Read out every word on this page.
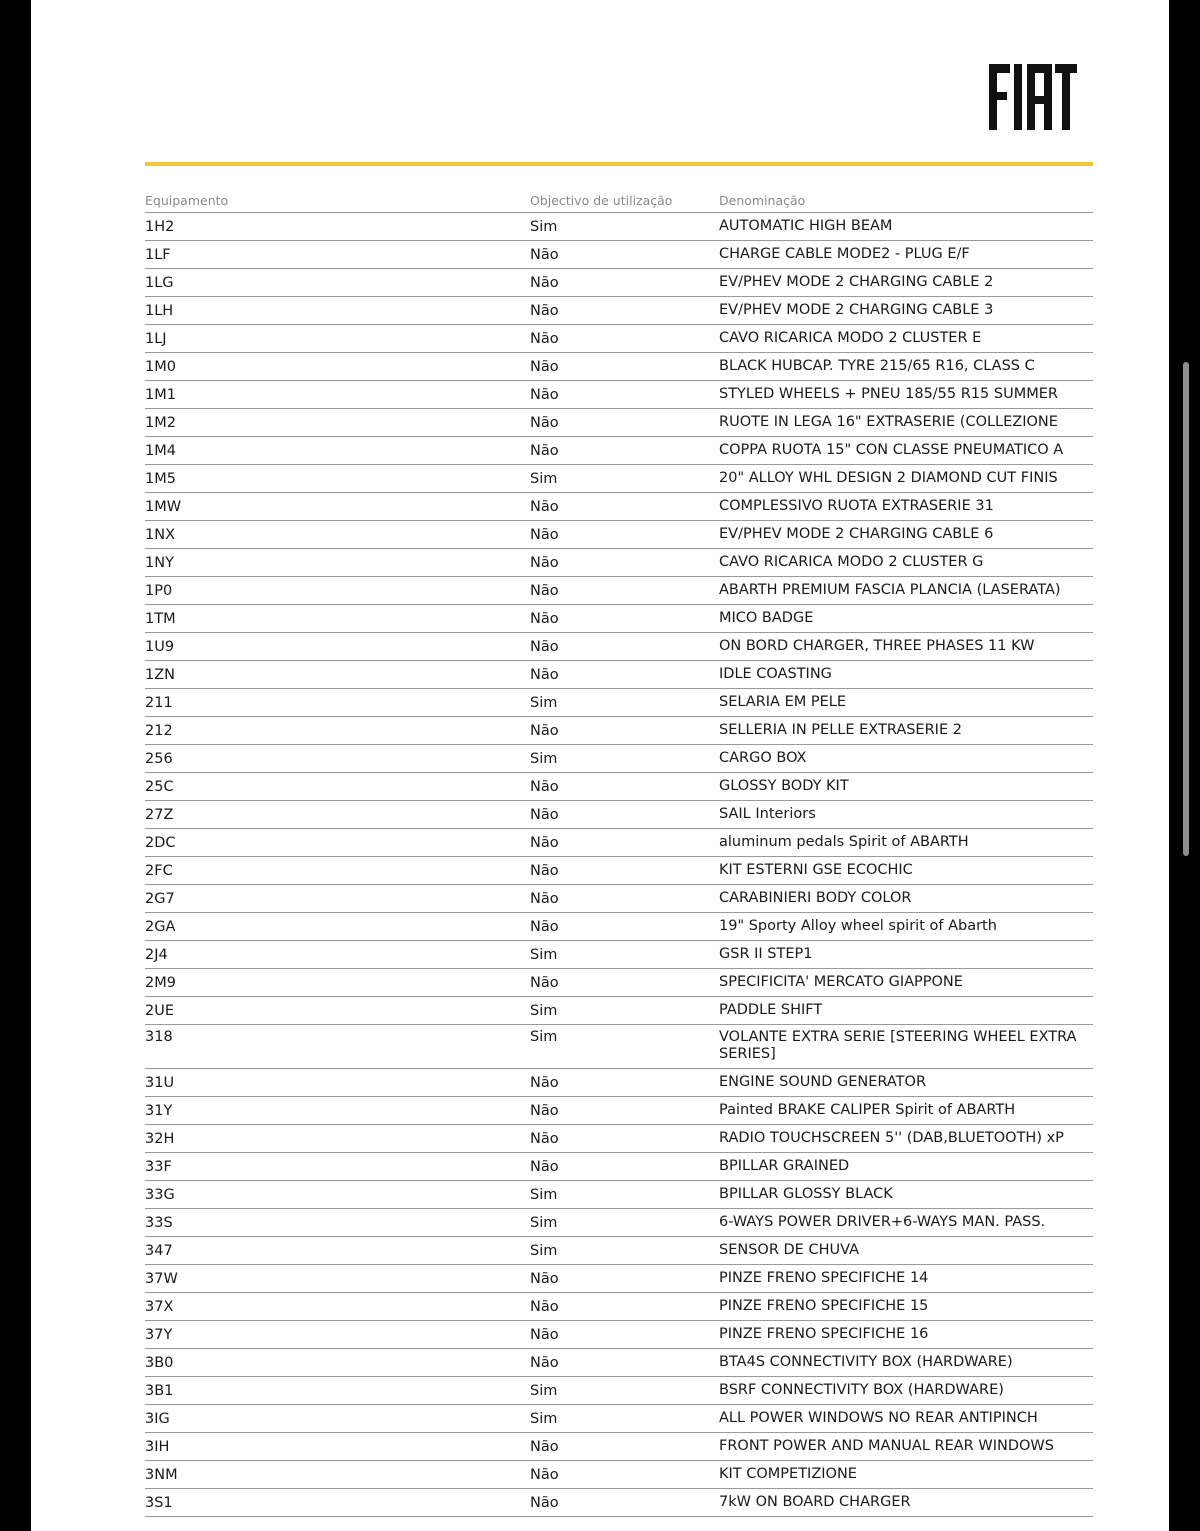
Equipamento	Objectivo de utilização	Denominação
1H2	Sim	AUTOMATIC HIGH BEAM
1LF	Não	CHARGE CABLE MODE2 - PLUG E/F
1LG	Não	EV/PHEV MODE 2 CHARGING CABLE 2
1LH	Não	EV/PHEV MODE 2 CHARGING CABLE 3
1LJ	Não	CAVO RICARICA MODO 2 CLUSTER E
1M0	Não	BLACK HUBCAP. TYRE 215/65 R16, CLASS C
1M1	Não	STYLED WHEELS + PNEU 185/55 R15 SUMMER
1M2	Não	RUOTE IN LEGA 16" EXTRASERIE (COLLEZIONE
1M4	Não	COPPA RUOTA 15" CON CLASSE PNEUMATICO A
1M5	Sim	20" ALLOY WHL DESIGN 2 DIAMOND CUT FINIS
1MW	Não	COMPLESSIVO RUOTA EXTRASERIE 31
1NX	Não	EV/PHEV MODE 2 CHARGING CABLE 6
1NY	Não	CAVO RICARICA MODO 2 CLUSTER G
1P0	Não	ABARTH PREMIUM FASCIA PLANCIA (LASERATA)
1TM	Não	MICO BADGE
1U9	Não	ON BORD CHARGER, THREE PHASES 11 KW
1ZN	Não	IDLE COASTING
211	Sim	SELARIA EM PELE
212	Não	SELLERIA IN PELLE EXTRASERIE 2
256	Sim	CARGO BOX
25C	Não	GLOSSY BODY KIT
27Z	Não	SAIL Interiors
2DC	Não	aluminum pedals Spirit of ABARTH
2FC	Não	KIT ESTERNI GSE ECOCHIC
2G7	Não	CARABINIERI BODY COLOR
2GA	Não	19" Sporty Alloy wheel spirit of Abarth
2J4	Sim	GSR II STEP1
2M9	Não	SPECIFICITA' MERCATO GIAPPONE
2UE	Sim	PADDLE SHIFT
318	Sim	VOLANTE EXTRA SERIE [STEERING WHEEL EXTRA SERIES]
31U	Não	ENGINE SOUND GENERATOR
31Y	Não	Painted BRAKE CALIPER Spirit of ABARTH
32H	Não	RADIO TOUCHSCREEN 5'' (DAB,BLUETOOTH) xP
33F	Não	BPILLAR GRAINED
33G	Sim	BPILLAR GLOSSY BLACK
33S	Sim	6-WAYS POWER DRIVER+6-WAYS MAN. PASS.
347	Sim	SENSOR DE CHUVA
37W	Não	PINZE FRENO SPECIFICHE 14
37X	Não	PINZE FRENO SPECIFICHE 15
37Y	Não	PINZE FRENO SPECIFICHE 16
3B0	Não	BTA4S CONNECTIVITY BOX (HARDWARE)
3B1	Sim	BSRF CONNECTIVITY BOX (HARDWARE)
3IG	Sim	ALL POWER WINDOWS NO REAR ANTIPINCH
3IH	Não	FRONT POWER AND MANUAL REAR WINDOWS
3NM	Não	KIT COMPETIZIONE
3S1	Não	7kW ON BOARD CHARGER
